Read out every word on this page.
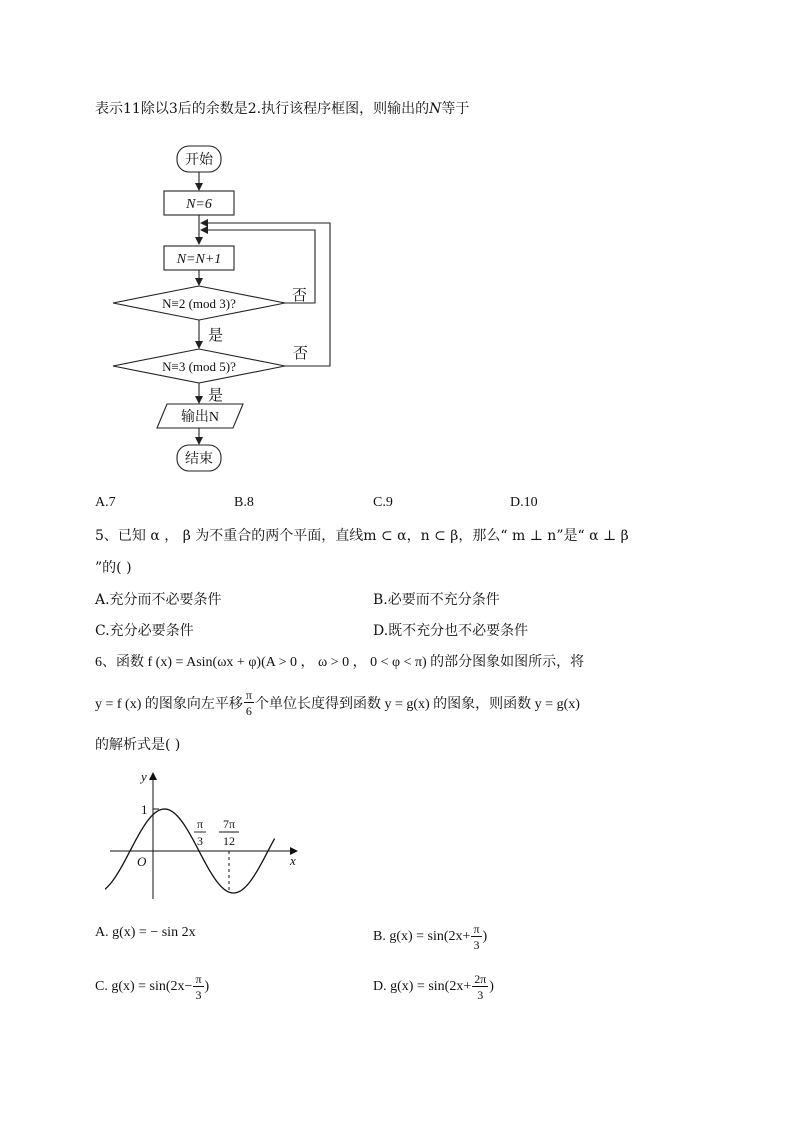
表示11除以3后的余数是2.执行该程序框图，则输出的N等于
开始
N=6
N=N+1
N≡2 (mod 3)?
N≡3 (mod 5)?
输出N
结束
是
是
否
否
A.7	B.8	C.9	D.10
5、已知 α ， β 为不重合的两个平面，直线m ⊂ α，n ⊂ β，那么“ m ⊥ n”是“ α ⊥ β
”的( )
A.充分而不必要条件	B.必要而不充分条件
C.充分必要条件	D.既不充分也不必要条件
6、函数 f (x) = Asin(ωx + φ)(A > 0 ， ω > 0 ， 0 < φ < π) 的部分图象如图所示，将
y = f (x) 的图象向左平移 $\frac{\pi}{6}$ 个单位长度得到函数 y = g(x) 的图象，则函数 y = g(x)
的解析式是( )
y
x
O
1
π
3
7π
12
A. g(x) = − sin 2x	B. $g(x) = \sin(2x+ \frac{\pi}{3}$ )
C. $g(x) = \sin(2x- \frac{\pi}{3}$ )	D. $g(x) = \sin(2x+ \frac{2\pi}{3}$ )
